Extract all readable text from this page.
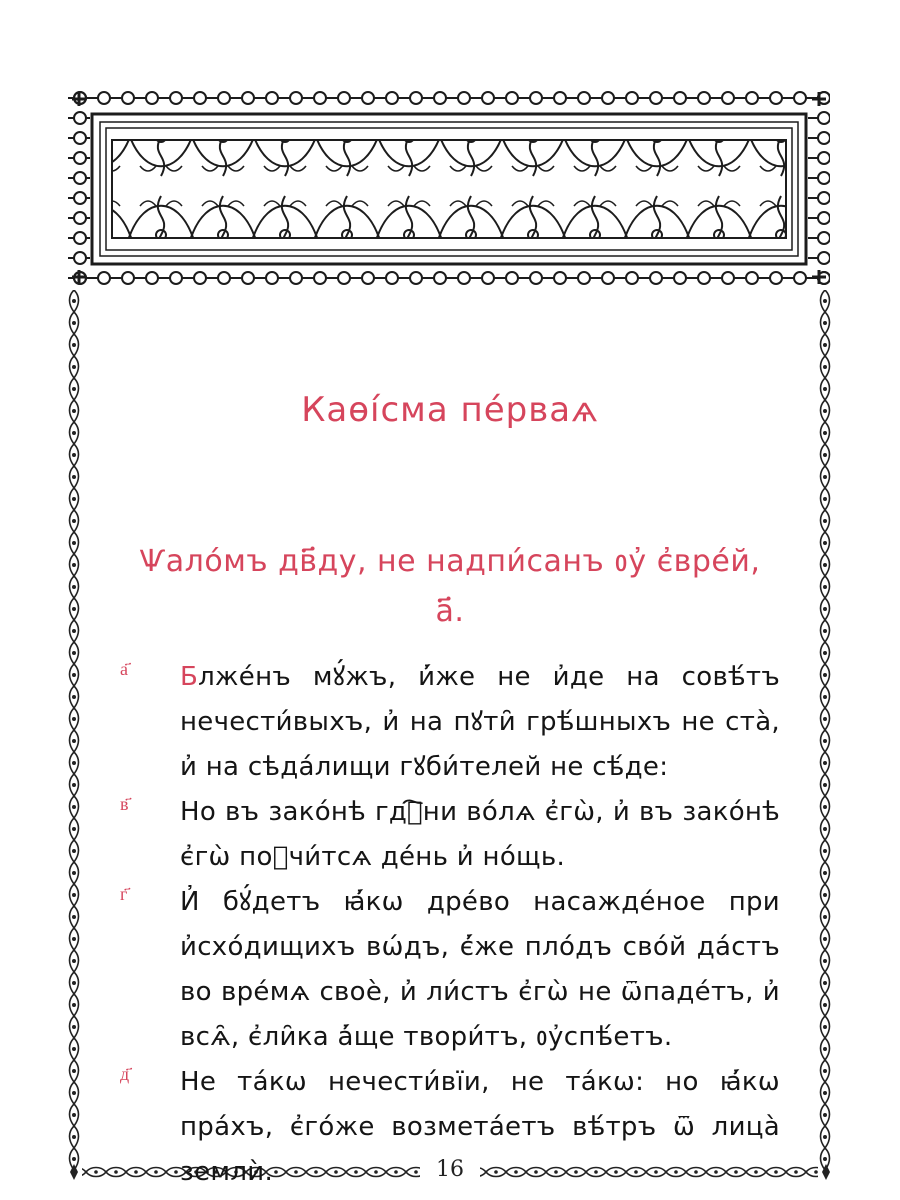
16
Каѳі́сма пе́рваѧ
Ѱало́мъ дв҃ду, не надпи́санъ ᲂу҆ є҆вре́й,
а҃.
а҃ Блже́нъ мꙋ́жъ, и҆́же не и҆де на совѣ́тъ нечести́выхъ, и҆ на пꙋти̑ грѣ́шныхъ не ста̀, и҆ на сѣда́лищи гꙋби́телей не сѣ́де:
в҃ Но въ зако́нѣ гдⷭ҇ни во́лѧ є҆гѡ̀, и҆ въ зако́нѣ є҆гѡ̀ поꙋчи́тсѧ де́нь и҆ но́щь.
г҃ И҆ бꙋ́детъ ꙗ҆́кѡ дре́во насажде́ное при и҆схо́дищихъ вѡ́дъ, є҆́же пло́дъ сво́й да́стъ во вре́мѧ своѐ, и҆ ли́стъ є҆гѡ̀ не ѿпаде́тъ, и҆ всѧ̑, є҆ли̑ка а҆́ще твори́тъ, ᲂу҆спѣ́етъ.
д҃ Не та́кѡ нечести́вїи, не та́кѡ: но ꙗ҆́кѡ пра́хъ, є҆го́же возмета́етъ вѣ́тръ ѿ лица̀ землѝ.
